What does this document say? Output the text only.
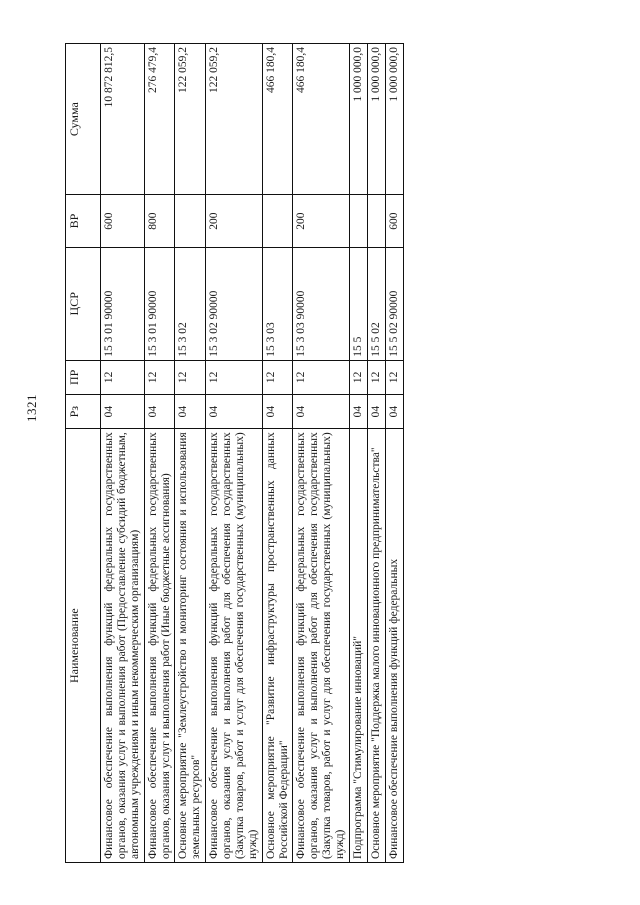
1321
Наименование	Рз	ПР	ЦСР	ВР	Сумма
Финансовое обеспечение выполнения функций федеральных государственных органов, оказания услуг и выполнения работ (Предоставление субсидий бюджетным, автономным учреждениям и иным некоммерческим организациям)	04	12	15 3 01 90000	600	10 872 812,5
Финансовое обеспечение выполнения функций федеральных государственных органов, оказания услуг и выполнения работ (Иные бюджетные ассигнования)	04	12	15 3 01 90000	800	276 479,4
Основное мероприятие "Землеустройство и мониторинг состояния и использования земельных ресурсов"	04	12	15 3 02		122 059,2
Финансовое обеспечение выполнения функций федеральных государственных органов, оказания услуг и выполнения работ для обеспечения государственных (Закупка товаров, работ и услуг для обеспечения государственных (муниципальных) нужд)	04	12	15 3 02 90000	200	122 059,2
Основное мероприятие "Развитие инфраструктуры пространственных данных Российской Федерации"	04	12	15 3 03		466 180,4
Финансовое обеспечение выполнения функций федеральных государственных органов, оказания услуг и выполнения работ для обеспечения государственных (Закупка товаров, работ и услуг для обеспечения государственных (муниципальных) нужд)	04	12	15 3 03 90000	200	466 180,4
Подпрограмма "Стимулирование инноваций"	04	12	15 5		1 000 000,0
Основное мероприятие "Поддержка малого инновационного предпринимательства"	04	12	15 5 02		1 000 000,0
Финансовое обеспечение выполнения функций федеральных	04	12	15 5 02 90000	600	1 000 000,0
